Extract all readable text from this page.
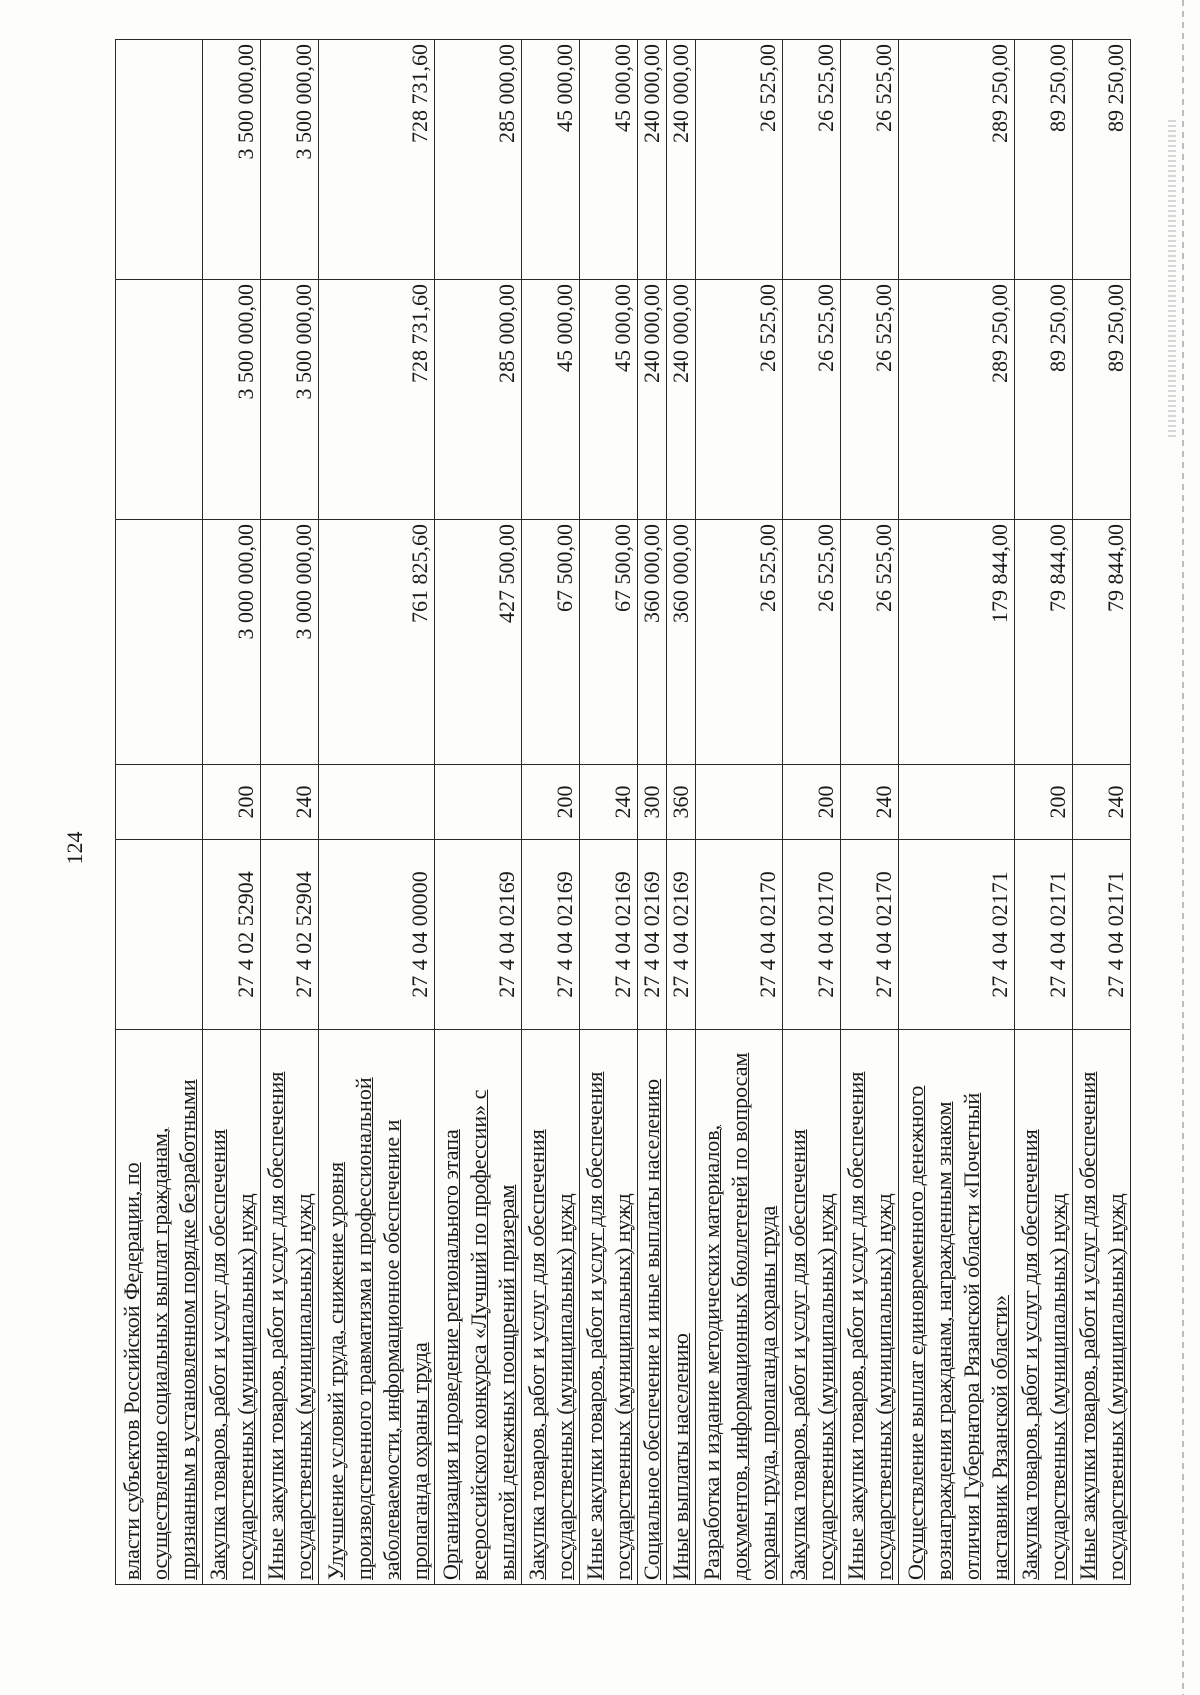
124
власти субъектов Российской Федерации, по осуществлению социальных выплат гражданам, признанным в установленном порядке безработными					
Закупка товаров, работ и услуг для обеспечения государственных (муниципальных) нужд	27 4 02 52904	200	3 000 000,00	3 500 000,00	3 500 000,00
Иные закупки товаров, работ и услуг для обеспечения государственных (муниципальных) нужд	27 4 02 52904	240	3 000 000,00	3 500 000,00	3 500 000,00
Улучшение условий труда, снижение уровня производственного травматизма и профессиональной заболеваемости, информационное обеспечение и пропаганда охраны труда	27 4 04 00000		761 825,60	728 731,60	728 731,60
Организация и проведение регионального этапа всероссийского конкурса «Лучший по профессии» с выплатой денежных поощрений призерам	27 4 04 02169		427 500,00	285 000,00	285 000,00
Закупка товаров, работ и услуг для обеспечения государственных (муниципальных) нужд	27 4 04 02169	200	67 500,00	45 000,00	45 000,00
Иные закупки товаров, работ и услуг для обеспечения государственных (муниципальных) нужд	27 4 04 02169	240	67 500,00	45 000,00	45 000,00
Социальное обеспечение и иные выплаты населению	27 4 04 02169	300	360 000,00	240 000,00	240 000,00
Иные выплаты населению	27 4 04 02169	360	360 000,00	240 000,00	240 000,00
Разработка и издание методических материалов, документов, информационных бюллетеней по вопросам охраны труда, пропаганда охраны труда	27 4 04 02170		26 525,00	26 525,00	26 525,00
Закупка товаров, работ и услуг для обеспечения государственных (муниципальных) нужд	27 4 04 02170	200	26 525,00	26 525,00	26 525,00
Иные закупки товаров, работ и услуг для обеспечения государственных (муниципальных) нужд	27 4 04 02170	240	26 525,00	26 525,00	26 525,00
Осуществление выплат единовременного денежного вознаграждения гражданам, награжденным знаком отличия Губернатора Рязанской области «Почетный наставник Рязанской области»	27 4 04 02171		179 844,00	289 250,00	289 250,00
Закупка товаров, работ и услуг для обеспечения государственных (муниципальных) нужд	27 4 04 02171	200	79 844,00	89 250,00	89 250,00
Иные закупки товаров, работ и услуг для обеспечения государственных (муниципальных) нужд	27 4 04 02171	240	79 844,00	89 250,00	89 250,00
